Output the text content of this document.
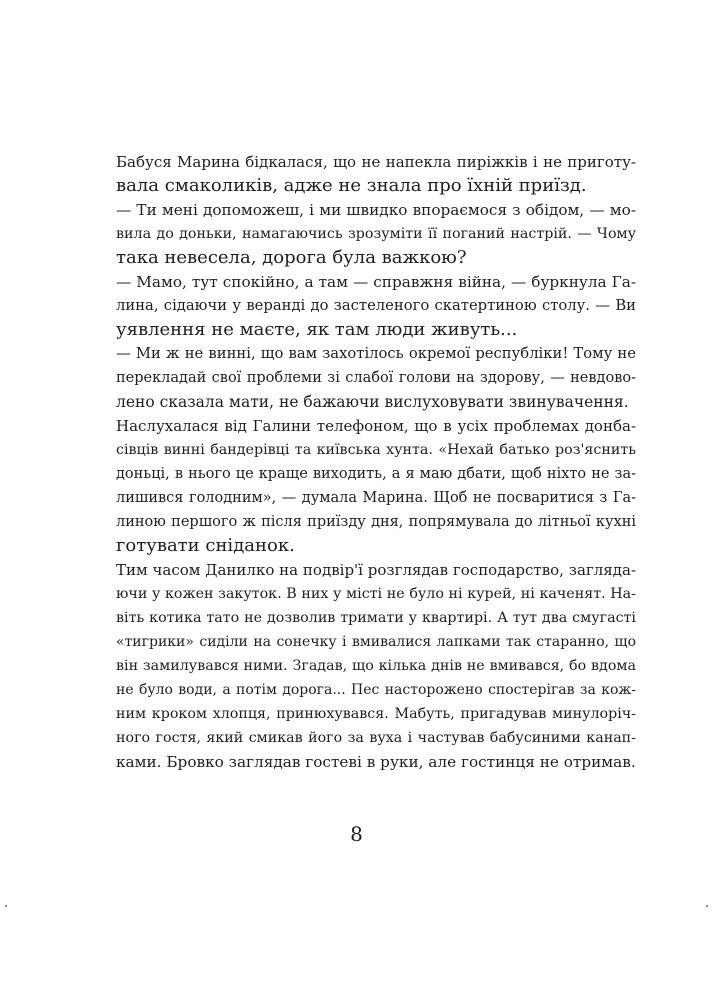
Бабуся Марина бідкалася, що не напекла пиріжків і не приготу-
вала смаколиків, адже не знала про їхній приїзд.
— Ти мені допоможеш, і ми швидко впораємося з обідом, — мо-
вила до доньки, намагаючись зрозуміти її поганий настрій. — Чому
така невесела, дорога була важкою?
— Мамо, тут спокійно, а там — справжня війна, — буркнула Га-
лина, сідаючи у веранді до застеленого скатертиною столу. — Ви
уявлення не маєте, як там люди живуть...
— Ми ж не винні, що вам захотілось окремої республіки! Тому не
перекладай свої проблеми зі слабої голови на здорову, — невдово-
лено сказала мати, не бажаючи вислуховувати звинувачення.
Наслухалася від Галини телефоном, що в усіх проблемах донба-
сівців винні бандерівці та київська хунта. «Нехай батько роз'яснить
доньці, в нього це краще виходить, а я маю дбати, щоб ніхто не за-
лишився голодним», — думала Марина. Щоб не посваритися з Га-
линою першого ж після приїзду дня, попрямувала до літньої кухні
готувати сніданок.
Тим часом Данилко на подвір'ї розглядав господарство, загляда-
ючи у кожен закуток. В них у місті не було ні курей, ні каченят. На-
віть котика тато не дозволив тримати у квартирі. А тут два смугасті
«тигрики» сиділи на сонечку і вмивалися лапками так старанно, що
він замилувався ними. Згадав, що кілька днів не вмивався, бо вдома
не було води, а потім дорога... Пес насторожено спостерігав за кож-
ним кроком хлопця, принюхувався. Мабуть, пригадував минулоріч-
ного гостя, який смикав його за вуха і частував бабусиними канап-
ками. Бровко заглядав гостеві в руки, але гостинця не отримав.
8
